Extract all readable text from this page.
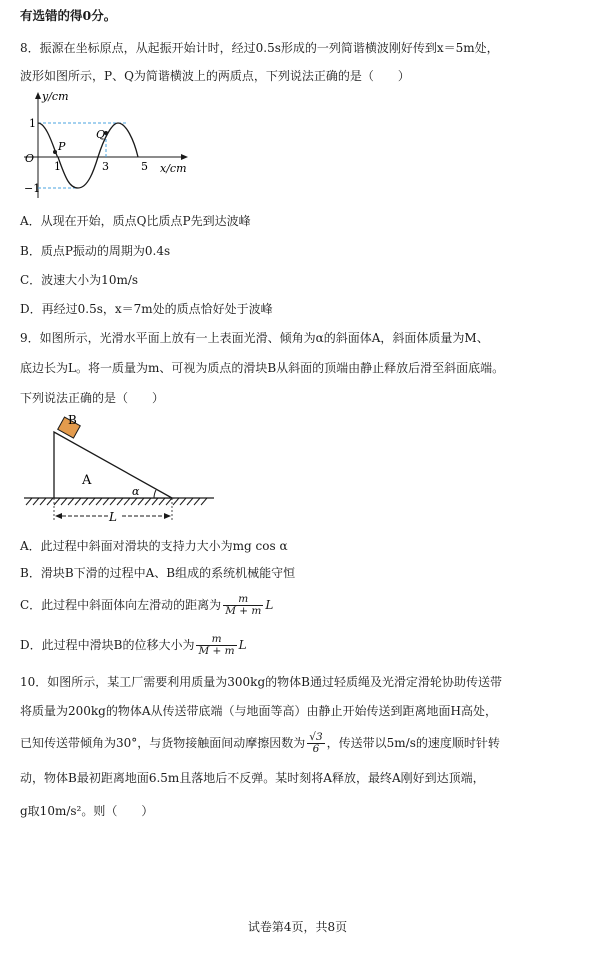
有选错的得0分。
8．振源在坐标原点，从起振开始计时，经过0.5s形成的一列简谐横波刚好传到x＝5m处，
波形如图所示，P、Q为简谐横波上的两质点，下列说法正确的是（　　）
y/cm
x/cm
O
1
−1
1	3	5
P
Q
A．从现在开始，质点Q比质点P先到达波峰
B．质点P振动的周期为0.4s
C．波速大小为10m/s
D．再经过0.5s，x＝7m处的质点恰好处于波峰
9．如图所示，光滑水平面上放有一上表面光滑、倾角为α的斜面体A，斜面体质量为M、
底边长为L。将一质量为m、可视为质点的滑块B从斜面的顶端由静止释放后滑至斜面底端。
下列说法正确的是（　　）
B
A
α
L
A．此过程中斜面对滑块的支持力大小为mg cos α
B．滑块B下滑的过程中A、B组成的系统机械能守恒
C．此过程中斜面体向左滑动的距离为 $\frac{m}{M + m}$ L
D．此过程中滑块B的位移大小为 $\frac{m}{M + m}$ L
10．如图所示，某工厂需要利用质量为300kg的物体B通过轻质绳及光滑定滑轮协助传送带
将质量为200kg的物体A从传送带底端（与地面等高）由静止开始传送到距离地面H高处，
已知传送带倾角为30°，与货物接触面间动摩擦因数为 $\frac{√3}{6}$ ，传送带以5m/s的速度顺时针转
动，物体B最初距离地面6.5m且落地后不反弹。某时刻将A释放，最终A刚好到达顶端，
g取10m/s²。则（　　）
试卷第4页，共8页
